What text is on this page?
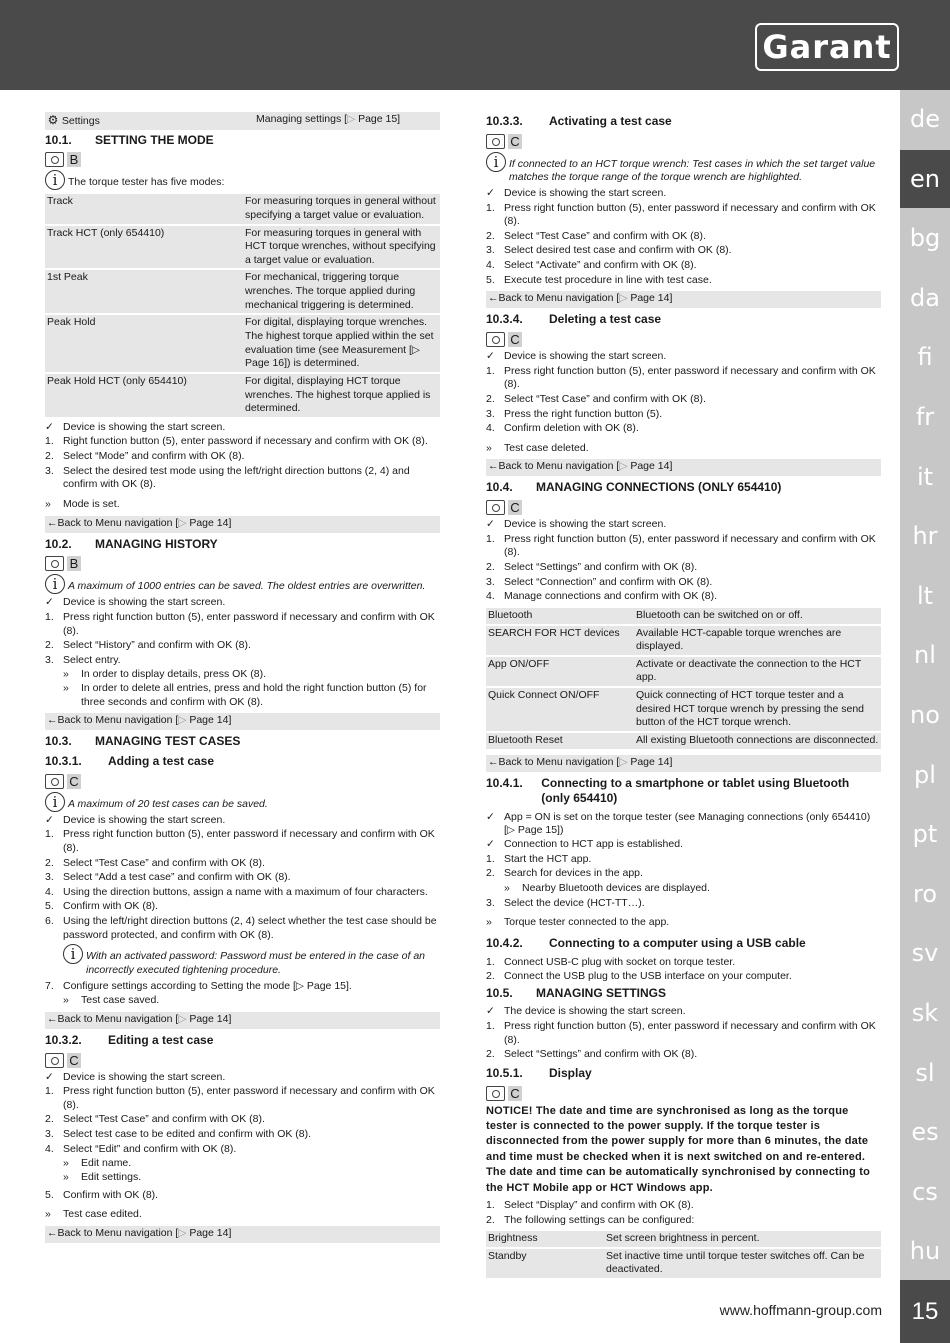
Garant
de
en
bg
da
fi
fr
it
hr
lt
nl
no
pl
pt
ro
sv
sk
sl
es
cs
hu
⚙ Settings	Managing settings [▷ Page 15]
10.1.	SETTING THE MODE
B
i	The torque tester has five modes:
Track	For measuring torques in general without specifying a target value or evaluation.
Track HCT (only 654410)	For measuring torques in general with HCT torque wrenches, without specifying a target value or evaluation.
1st Peak	For mechanical, triggering torque wrenches. The torque applied during mechanical triggering is determined.
Peak Hold	For digital, displaying torque wrenches. The highest torque applied within the set evaluation time (see Measurement [▷ Page 16]) is determined.
Peak Hold HCT (only 654410)	For digital, displaying HCT torque wrenches. The highest torque applied is determined.
✓ Device is showing the start screen.
1. Right function button (5), enter password if necessary and confirm with OK (8).
2. Select “Mode” and confirm with OK (8).
3. Select the desired test mode using the left/right direction buttons (2, 4) and confirm with OK (8).
»	Mode is set.
←Back to Menu navigation [▷ Page 14]
10.2.	MANAGING HISTORY
B
i	A maximum of 1000 entries can be saved. The oldest entries are overwritten.
✓ Device is showing the start screen.
1. Press right function button (5), enter password if necessary and confirm with OK (8).
2. Select “History” and confirm with OK (8).
3. Select entry.
»	In order to display details, press OK (8).
»	In order to delete all entries, press and hold the right function button (5) for three seconds and confirm with OK (8).
←Back to Menu navigation [▷ Page 14]
10.3.	MANAGING TEST CASES
10.3.1.	Adding a test case
C
i	A maximum of 20 test cases can be saved.
✓ Device is showing the start screen.
1. Press right function button (5), enter password if necessary and confirm with OK (8).
2. Select “Test Case” and confirm with OK (8).
3. Select “Add a test case” and confirm with OK (8).
4. Using the direction buttons, assign a name with a maximum of four characters.
5. Confirm with OK (8).
6. Using the left/right direction buttons (2, 4) select whether the test case should be password protected, and confirm with OK (8).
i	With an activated password: Password must be entered in the case of an incorrectly executed tightening procedure.
7. Configure settings according to Setting the mode [▷ Page 15].
»	Test case saved.
←Back to Menu navigation [▷ Page 14]
10.3.2.	Editing a test case
C
✓ Device is showing the start screen.
1. Press right function button (5), enter password if necessary and confirm with OK (8).
2. Select “Test Case” and confirm with OK (8).
3. Select test case to be edited and confirm with OK (8).
4. Select “Edit” and confirm with OK (8).
»	Edit name.
»	Edit settings.
5. Confirm with OK (8).
»	Test case edited.
←Back to Menu navigation [▷ Page 14]
10.3.3.	Activating a test case
C
i	If connected to an HCT torque wrench: Test cases in which the set target value matches the torque range of the torque wrench are highlighted.
✓ Device is showing the start screen.
1. Press right function button (5), enter password if necessary and confirm with OK (8).
2. Select “Test Case” and confirm with OK (8).
3. Select desired test case and confirm with OK (8).
4. Select “Activate” and confirm with OK (8).
5. Execute test procedure in line with test case.
←Back to Menu navigation [▷ Page 14]
10.3.4.	Deleting a test case
C
✓ Device is showing the start screen.
1. Press right function button (5), enter password if necessary and confirm with OK (8).
2. Select “Test Case” and confirm with OK (8).
3. Press the right function button (5).
4. Confirm deletion with OK (8).
»	Test case deleted.
←Back to Menu navigation [▷ Page 14]
10.4.	MANAGING CONNECTIONS (ONLY 654410)
C
✓ Device is showing the start screen.
1. Press right function button (5), enter password if necessary and confirm with OK (8).
2. Select “Settings” and confirm with OK (8).
3. Select “Connection” and confirm with OK (8).
4. Manage connections and confirm with OK (8).
Bluetooth	Bluetooth can be switched on or off.
SEARCH FOR HCT devices	Available HCT-capable torque wrenches are displayed.
App ON/OFF	Activate or deactivate the connection to the HCT app.
Quick Connect ON/OFF	Quick connecting of HCT torque tester and a desired HCT torque wrench by pressing the send button of the HCT torque wrench.
Bluetooth Reset	All existing Bluetooth connections are disconnected.
←Back to Menu navigation [▷ Page 14]
10.4.1.	Connecting to a smartphone or tablet using Bluetooth (only 654410)
✓ App = ON is set on the torque tester (see Managing connections (only 654410) [▷ Page 15])
✓ Connection to HCT app is established.
1. Start the HCT app.
2. Search for devices in the app.
»	Nearby Bluetooth devices are displayed.
3. Select the device (HCT-TT…).
»	Torque tester connected to the app.
10.4.2.	Connecting to a computer using a USB cable
1. Connect USB-C plug with socket on torque tester.
2. Connect the USB plug to the USB interface on your computer.
10.5.	MANAGING SETTINGS
✓ The device is showing the start screen.
1. Press right function button (5), enter password if necessary and confirm with OK (8).
2. Select “Settings” and confirm with OK (8).
10.5.1.	Display
C
NOTICE! The date and time are synchronised as long as the torque tester is connected to the power supply. If the torque tester is disconnected from the power supply for more than 6 minutes, the date and time must be checked when it is next switched on and re-entered. The date and time can be automatically synchronised by connecting to the HCT Mobile app or HCT Windows app.
1. Select “Display” and confirm with OK (8).
2. The following settings can be configured:
Brightness	Set screen brightness in percent.
Standby	Set inactive time until torque tester switches off. Can be deactivated.
www.hoffmann-group.com	15
